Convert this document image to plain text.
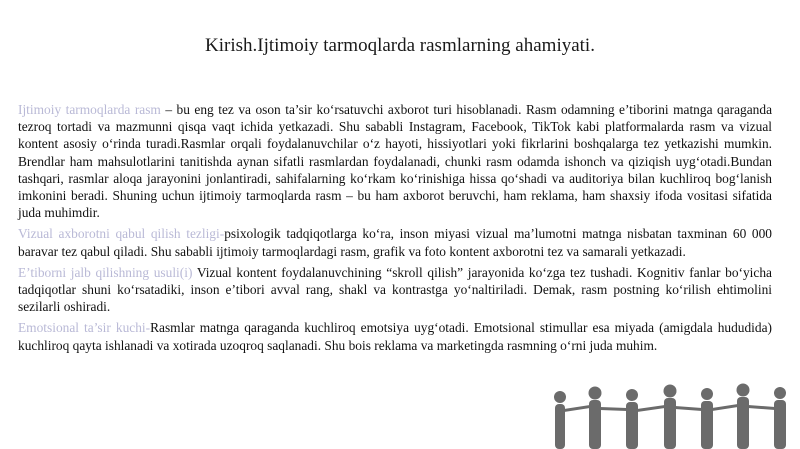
Kirish.Ijtimoiy tarmoqlarda rasmlarning ahamiyati.

Ijtimoiy tarmoqlarda rasm – bu eng tez va oson ta’sir ko‘rsatuvchi axborot turi hisoblanadi. Rasm odamning e’tiborini matnga qaraganda tezroq tortadi va mazmunni qisqa vaqt ichida yetkazadi. Shu sababli Instagram, Facebook, TikTok kabi platformalarda rasm va vizual kontent asosiy o‘rinda turadi.Rasmlar orqali foydalanuvchilar o‘z hayoti, hissiyotlari yoki fikrlarini boshqalarga tez yetkazishi mumkin. Brendlar ham mahsulotlarini tanitishda aynan sifatli rasmlardan foydalanadi, chunki rasm odamda ishonch va qiziqish uyg‘otadi.Bundan tashqari, rasmlar aloqa jarayonini jonlantiradi, sahifalarning ko‘rkam ko‘rinishiga hissa qo‘shadi va auditoriya bilan kuchliroq bog‘lanish imkonini beradi. Shuning uchun ijtimoiy tarmoqlarda rasm – bu ham axborot beruvchi, ham reklama, ham shaxsiy ifoda vositasi sifatida juda muhimdir.

Vizual axborotni qabul qilish tezligi-psixologik tadqiqotlarga ko‘ra, inson miyasi vizual ma’lumotni matnga nisbatan taxminan 60 000 baravar tez qabul qiladi. Shu sababli ijtimoiy tarmoqlardagi rasm, grafik va foto kontent axborotni tez va samarali yetkazadi.

E’tiborni jalb qilishning usuli(i) Vizual kontent foydalanuvchining “skroll qilish” jarayonida ko‘zga tez tushadi. Kognitiv fanlar bo‘yicha tadqiqotlar shuni ko‘rsatadiki, inson e’tibori avval rang, shakl va kontrastga yo‘naltiriladi. Demak, rasm postning ko‘rilish ehtimolini sezilarli oshiradi.

Emotsional ta’sir kuchi-Rasmlar matnga qaraganda kuchliroq emotsiya uyg‘otadi. Emotsional stimullar esa miyada (amigdala hududida) kuchliroq qayta ishlanadi va xotirada uzoqroq saqlanadi. Shu bois reklama va marketingda rasmning o‘rni juda muhim.
